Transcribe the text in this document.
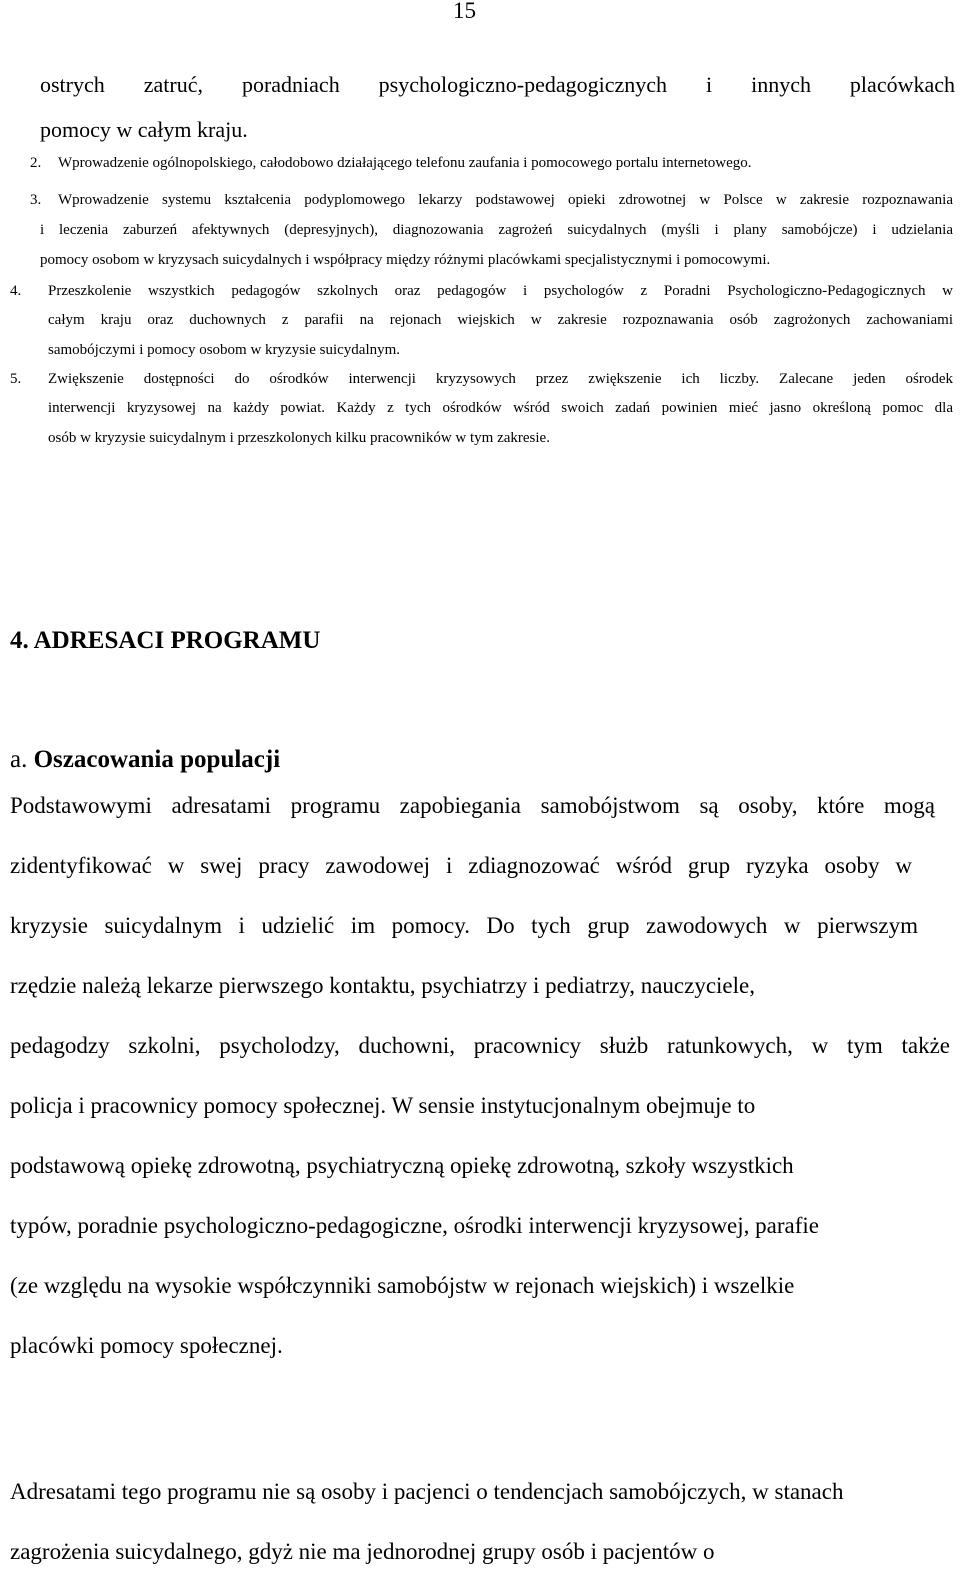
15

ostrych zatruć, poradniach psychologiczno-pedagogicznych i innych placówkach

pomocy w całym kraju.

2. Wprowadzenie ogólnopolskiego, całodobowo działającego telefonu zaufania i pomocowego portalu internetowego.
3. Wprowadzenie systemu kształcenia podyplomowego lekarzy podstawowej opieki zdrowotnej w Polsce w zakresie rozpoznawania
i leczenia zaburzeń afektywnych (depresyjnych), diagnozowania zagrożeń suicydalnych (myśli i plany samobójcze) i udzielania
pomocy osobom w kryzysach suicydalnych i współpracy między różnymi placówkami specjalistycznymi i pomocowymi.
4. Przeszkolenie wszystkich pedagogów szkolnych oraz pedagogów i psychologów z Poradni Psychologiczno-Pedagogicznych w
całym kraju oraz duchownych z parafii na rejonach wiejskich w zakresie rozpoznawania osób zagrożonych zachowaniami
samobójczymi i pomocy osobom w kryzysie suicydalnym.
5. Zwiększenie dostępności do ośrodków interwencji kryzysowych przez zwiększenie ich liczby. Zalecane jeden ośrodek
interwencji kryzysowej na każdy powiat. Każdy z tych ośrodków wśród swoich zadań powinien mieć jasno określoną pomoc dla
osób w kryzysie suicydalnym i przeszkolonych kilku pracowników w tym zakresie.

4. ADRESACI PROGRAMU

a. Oszacowania populacji

Podstawowymi adresatami programu zapobiegania samobójstwom są osoby, które mogą

zidentyfikować w swej pracy zawodowej i zdiagnozować wśród grup ryzyka osoby w

kryzysie suicydalnym i udzielić im pomocy. Do tych grup zawodowych w pierwszym

rzędzie należą lekarze pierwszego kontaktu, psychiatrzy i pediatrzy, nauczyciele,

pedagodzy szkolni, psycholodzy, duchowni, pracownicy służb ratunkowych, w tym także

policja i pracownicy pomocy społecznej. W sensie instytucjonalnym obejmuje to

podstawową opiekę zdrowotną, psychiatryczną opiekę zdrowotną, szkoły wszystkich

typów, poradnie psychologiczno-pedagogiczne, ośrodki interwencji kryzysowej, parafie

(ze względu na wysokie współczynniki samobójstw w rejonach wiejskich) i wszelkie

placówki pomocy społecznej.

Adresatami tego programu nie są osoby i pacjenci o tendencjach samobójczych, w stanach

zagrożenia suicydalnego, gdyż nie ma jednorodnej grupy osób i pacjentów o
